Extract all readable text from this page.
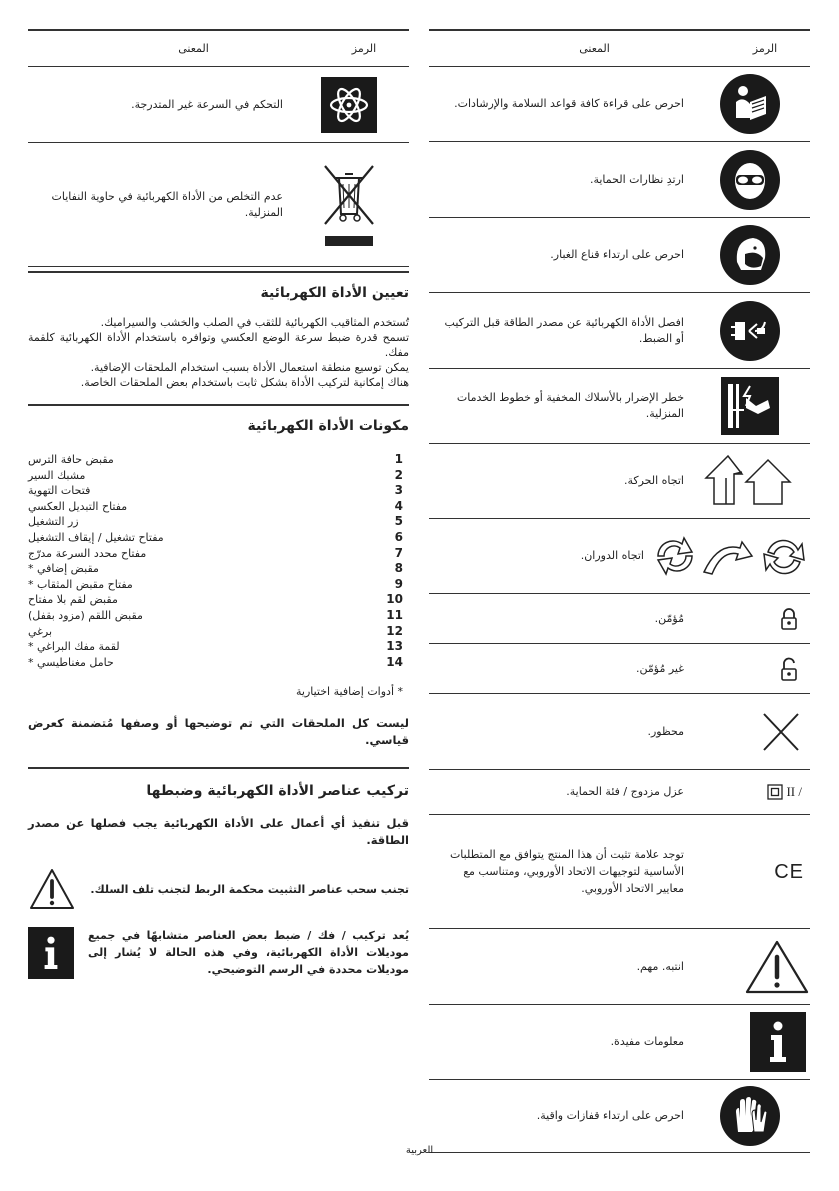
الرمز
المعنى
احرص على قراءة كافة قواعد السلامة والإرشادات.
ارتدِ نظارات الحماية.
احرص على ارتداء قناع الغبار.
افصل الأداة الكهربائية عن مصدر الطاقة قبل التركيب أو الضبط.
خطر الإضرار بالأسلاك المخفية أو خطوط الخدمات المنزلية.
اتجاه الحركة.
اتجاه الدوران.
مُؤمّن.
غير مُؤمّن.
محظور.
II /
عزل مزدوج / فئة الحماية.
CE
توجد علامة تثبت أن هذا المنتج يتوافق مع المتطلبات الأساسية لتوجيهات الاتحاد الأوروبي، ومتناسب مع معايير الاتحاد الأوروبي.
انتبه. مهم.
معلومات مفيدة.
احرص على ارتداء قفازات واقية.
الرمز
المعنى
التحكم في السرعة غير المتدرجة.
عدم التخلص من الأداة الكهربائية في حاوية النفايات المنزلية.
تعيين الأداة الكهربائية
تُستخدم المثاقيب الكهربائية للثقب في الصلب والخشب والسيراميك.
تسمح قدرة ضبط سرعة الوضع العكسي وتوافره باستخدام الأداة الكهربائية كلقمة مفك.
يمكن توسيع منطقة استعمال الأداة بسبب استخدام الملحقات الإضافية.
هناك إمكانية لتركيب الأداة بشكل ثابت باستخدام بعض الملحقات الخاصة.
مكونات الأداة الكهربائية
1
مقبض حافة الترس
2
مشبك السير
3
فتحات التهوية
4
مفتاح التبديل العكسي
5
زر التشغيل
6
مفتاح تشغيل / إيقاف التشغيل
7
مفتاح محدد السرعة مدرّج
8
مقبض إضافي *
9
مفتاح مقبض المثقاب *
10
مقبض لقم بلا مفتاح
11
مقبض اللقم (مزود بقفل)
12
برغي
13
لقمة مفك البراغي *
14
حامل مغناطيسي *
* أدوات إضافية اختيارية
ليست كل الملحقات التي تم توضيحها أو وصفها مُتضمنة كعرض قياسي.
تركيب عناصر الأداة الكهربائية وضبطها
قبل تنفيذ أي أعمال على الأداة الكهربائية يجب فصلها عن مصدر الطاقة.
تجنب سحب عناصر التثبيت محكمة الربط لتجنب تلف السلك.
يُعد تركيب / فك / ضبط بعض العناصر متشابهًا في جميع موديلات الأداة الكهربائية، وفي هذه الحالة لا يُشار إلى موديلات محددة في الرسم التوضيحي.
العربية
